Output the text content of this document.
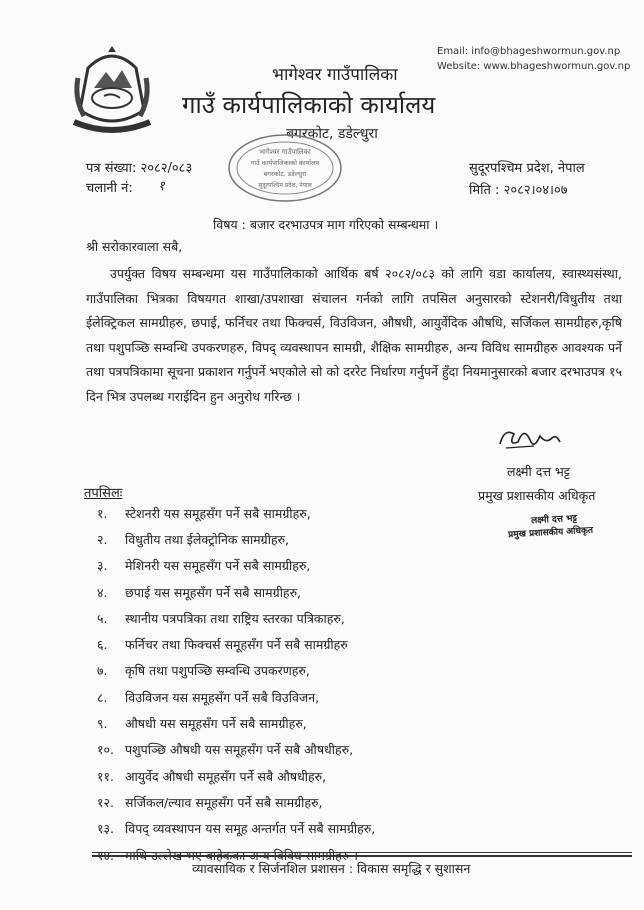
Email: info@bhageshwormun.gov.np
Website: www.bhageshwormun.gov.np
भागेश्वर गाउँपालिका
गाउँ कार्यपालिकाको कार्यालय
बगरकोट, डडेल्धुरा
भागेश्वर गाउँपालिका
गाउँ कार्यपालिकाको कार्यालय
बगरकोट, डडेल्धुरा
सुदूरपश्चिम प्रदेश, नेपाल
पत्र संख्या: २०८२/०८३
चलानी नं: १
सुदूरपश्चिम प्रदेश, नेपाल
मिति : २०८२।०४।०७
विषय : बजार दरभाउपत्र माग गरिएको सम्बन्धमा ।
श्री सरोकारवाला सबै,
उपर्युक्त विषय सम्बन्धमा यस गाउँपालिकाको आर्थिक बर्ष २०८२/०८३ को लागि वडा कार्यालय, स्वास्थ्यसंस्था, गाउँपालिका भित्रका विषयगत शाखा/उपशाखा संचालन गर्नको लागि तपसिल अनुसारको स्टेशनरी/विधुतीय तथा ईलेक्ट्रिकल सामग्रीहरु, छपाई, फर्निचर तथा फिक्चर्स, विउविजन, औषधी, आयुर्वेदिक औषधि, सर्जिकल सामग्रीहरु,कृषि तथा पशुपञ्छि सम्वन्धि उपकरणहरु, विपद् व्यवस्थापन सामग्री, शैक्षिक सामग्रीहरु, अन्य विविध सामग्रीहरु आवश्यक पर्ने तथा पत्रपत्रिकामा सूचना प्रकाशन गर्नुपर्ने भएकोले सो को दररेट निर्धारण गर्नुपर्ने हुँदा नियमानुसारको बजार दरभाउपत्र १५ दिन भित्र उपलब्ध गराईदिन हुन अनुरोध गरिन्छ ।
लक्ष्मी दत्त भट्ट
प्रमुख प्रशासकीय अधिकृत
लक्ष्मी दत्त भट्ट
प्रमुख प्रशासकीय अधिकृत
तपसिलः
१.	स्टेशनरी यस समूहसँग पर्ने सबै सामग्रीहरु,
२.	विधुतीय तथा ईलेक्ट्रोनिक सामग्रीहरु,
३.	मेशिनरी यस समूहसँग पर्ने सबै सामग्रीहरु,
४.	छपाई यस समूहसँग पर्ने सबै सामग्रीहरु,
५.	स्थानीय पत्रपत्रिका तथा राष्ट्रिय स्तरका पत्रिकाहरु,
६.	फर्निचर तथा फिक्चर्स समूहसँग पर्ने सबै सामग्रीहरु
७.	कृषि तथा पशुपञ्छि सम्वन्धि उपकरणहरु,
८.	विउविजन यस समूहसँग पर्ने सबै विउविजन,
९.	औषधी यस समूहसँग पर्ने सबै सामग्रीहरु,
१०. पशुपञ्छि औषधी यस समूहसँग पर्ने सबै औषधीहरु,
११. आयुर्वेद औषधी समूहसँग पर्ने सबै औषधीहरु,
१२. सर्जिकल/ल्याव समूहसँग पर्ने सबै सामग्रीहरु,
१३. विपद् व्यवस्थापन यस समूह अन्तर्गत पर्ने सबै सामग्रीहरु,
१४. माथि उल्लेख भए बाहेकका अन्य विविध सामग्रीहरु ।
व्यावसायिक र सिर्जनशिल प्रशासन : विकास समृद्धि र सुशासन
